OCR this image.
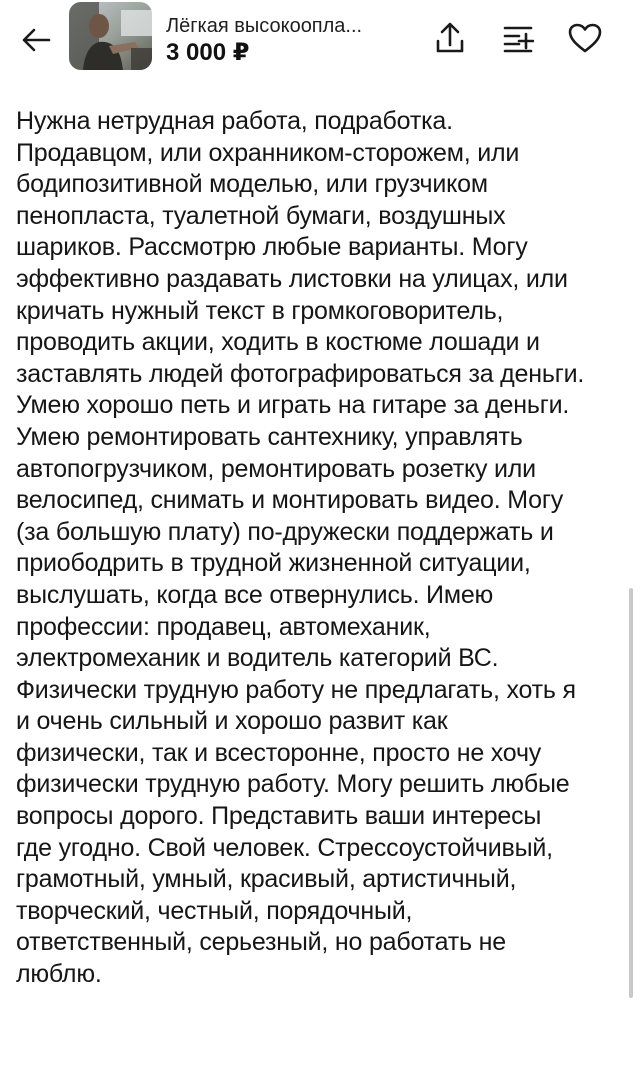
Лёгкая высокоопла...
3 000 ₽

Нужна нетрудная работа, подработка.
Продавцом, или охранником-сторожем, или
бодипозитивной моделью, или грузчиком
пенопласта, туалетной бумаги, воздушных
шариков. Рассмотрю любые варианты. Могу
эффективно раздавать листовки на улицах, или
кричать нужный текст в громкоговоритель,
проводить акции, ходить в костюме лошади и
заставлять людей фотографироваться за деньги.
Умею хорошо петь и играть на гитаре за деньги.
Умею ремонтировать сантехнику, управлять
автопогрузчиком, ремонтировать розетку или
велосипед, снимать и монтировать видео. Могу
(за большую плату) по-дружески поддержать и
приободрить в трудной жизненной ситуации,
выслушать, когда все отвернулись. Имею
профессии: продавец, автомеханик,
электромеханик и водитель категорий ВС.
Физически трудную работу не предлагать, хоть я
и очень сильный и хорошо развит как
физически, так и всесторонне, просто не хочу
физически трудную работу. Могу решить любые
вопросы дорого. Представить ваши интересы
где угодно. Свой человек. Стрессоустойчивый,
грамотный, умный, красивый, артистичный,
творческий, честный, порядочный,
ответственный, серьезный, но работать не
люблю.
